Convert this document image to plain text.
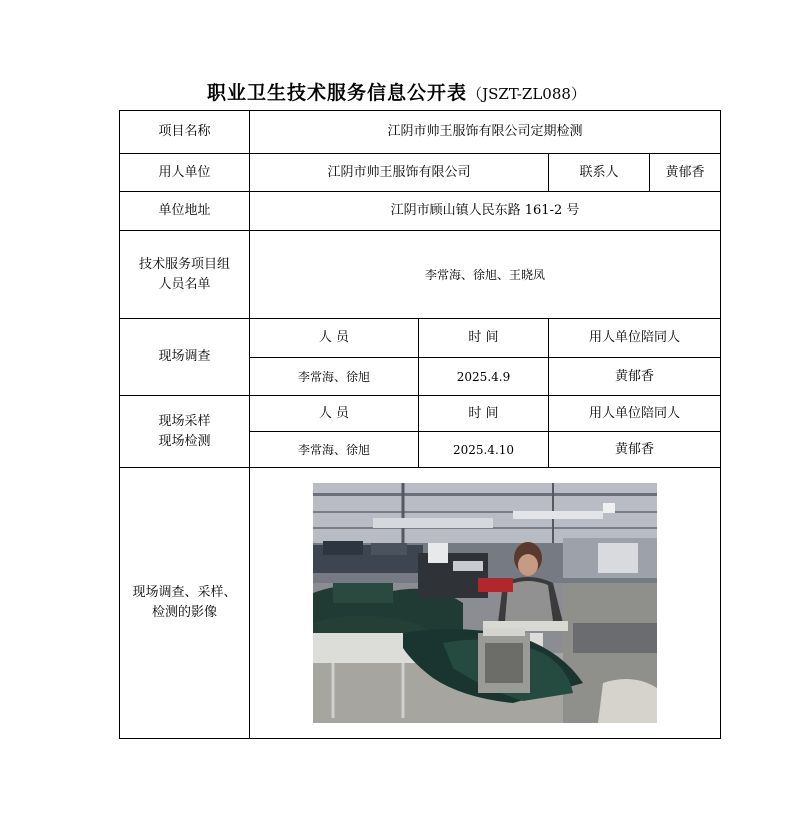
职业卫生技术服务信息公开表（JSZT-ZL088）
项目名称	江阴市帅王服饰有限公司定期检测			
用人单位	江阴市帅王服饰有限公司		联系人	黄郁香
单位地址	江阴市顾山镇人民东路 161-2 号			

技术服务项目组
人员名单	李常海、徐旭、王晓凤			
现场调查	人 员	时 间	用人单位陪同人	
	李常海、徐旭	2025.4.9	黄郁香	

现场采样
现场检测	人 员	时 间	用人单位陪同人	
	李常海、徐旭	2025.4.10	黄郁香	

现场调查、采样、
检测的影像
